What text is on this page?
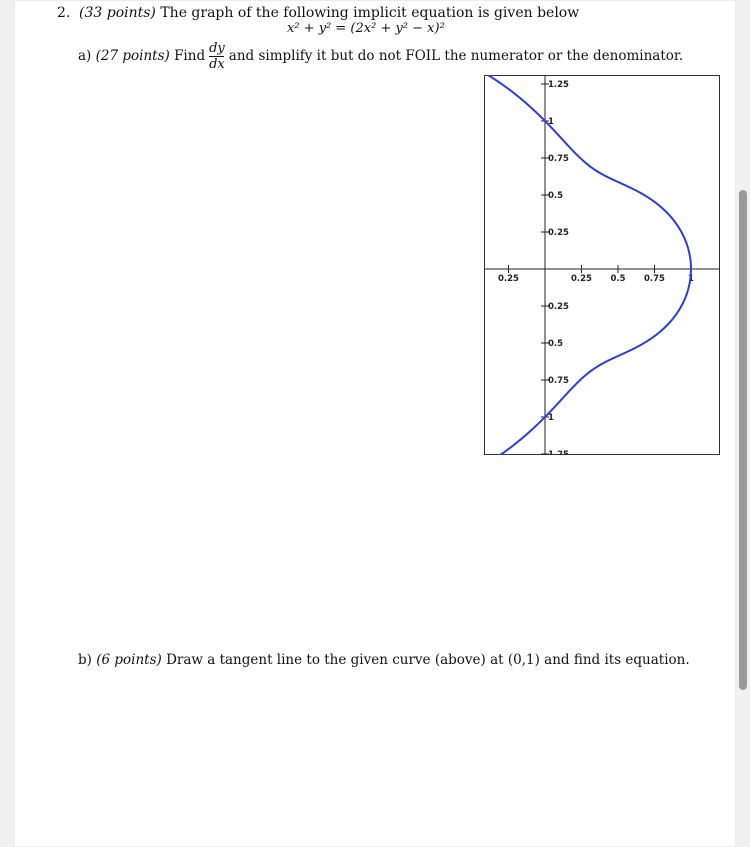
2. (33 points) The graph of the following implicit equation is given below
x² + y² = (2x² + y² − x)²
a)
(27 points)
Find $\frac{dy}{dx}$ and simplify it but do not FOIL the numerator or the denominator.
0.25	0.25 0.5 0.75	1
1.25
1
0.75
0.5
0.25
0.25
0.5
0.75
1
1.25
b) (6 points) Draw a tangent line to the given curve (above) at (0,1) and find its equation.
